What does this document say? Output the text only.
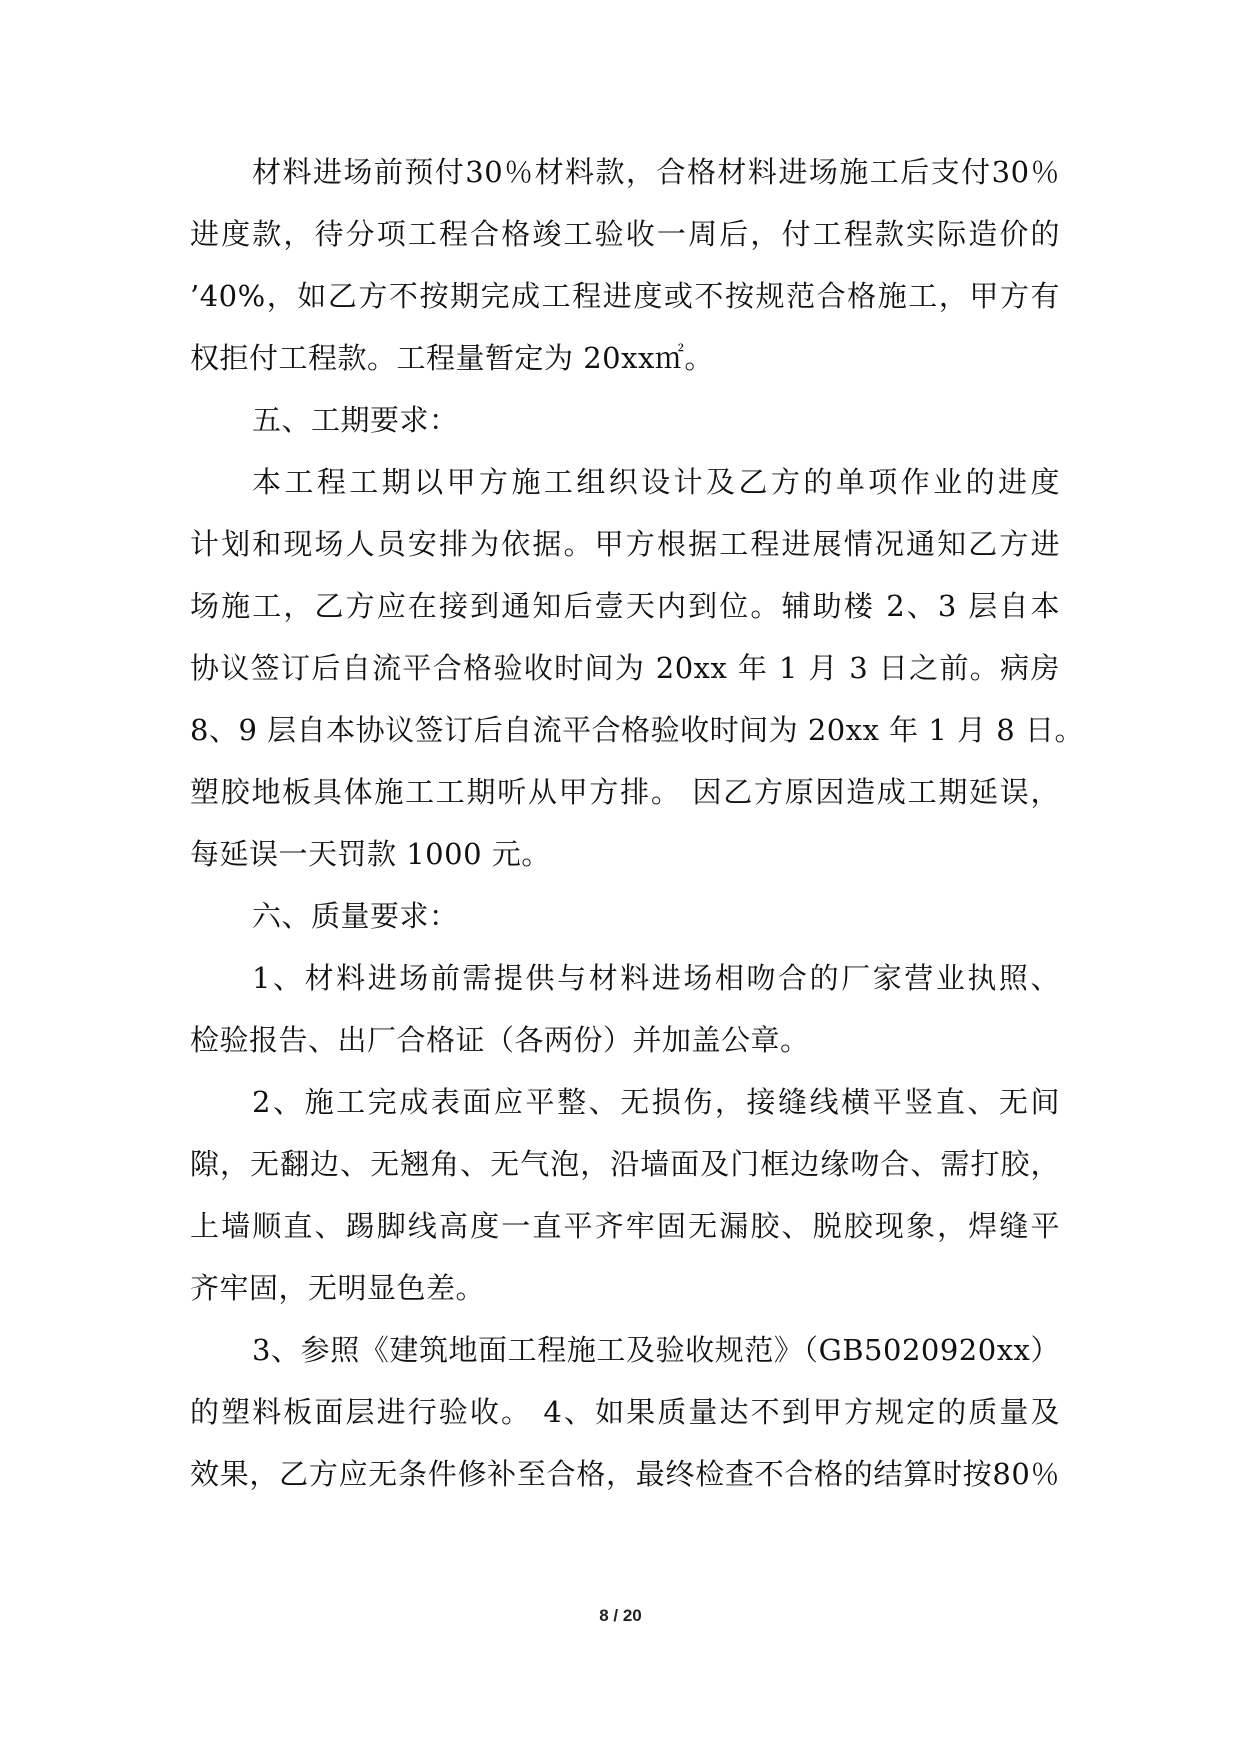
材料进场前预付30％材料款，合格材料进场施工后支付30％
进度款，待分项工程合格竣工验收一周后，付工程款实际造价的
’40%，如乙方不按期完成工程进度或不按规范合格施工，甲方有
权拒付工程款。工程量暂定为 20xx㎡。
五、工期要求：
本工程工期以甲方施工组织设计及乙方的单项作业的进度
计划和现场人员安排为依据。甲方根据工程进展情况通知乙方进
场施工，乙方应在接到通知后壹天内到位。辅助楼 2、3 层自本
协议签订后自流平合格验收时间为 20xx 年 1 月 3 日之前。病房
8、9 层自本协议签订后自流平合格验收时间为 20xx 年 1 月 8 日。
塑胶地板具体施工工期听从甲方排。 因乙方原因造成工期延误，
每延误一天罚款 1000 元。
六、质量要求：
1、材料进场前需提供与材料进场相吻合的厂家营业执照、
检验报告、出厂合格证（各两份）并加盖公章。
2、施工完成表面应平整、无损伤，接缝线横平竖直、无间
隙，无翻边、无翘角、无气泡，沿墙面及门框边缘吻合、需打胶，
上墙顺直、踢脚线高度一直平齐牢固无漏胶、脱胶现象，焊缝平
齐牢固，无明显色差。
3、参照《建筑地面工程施工及验收规范》（GB5020920xx）
的塑料板面层进行验收。 4、如果质量达不到甲方规定的质量及
效果，乙方应无条件修补至合格，最终检查不合格的结算时按80％
8 / 20
